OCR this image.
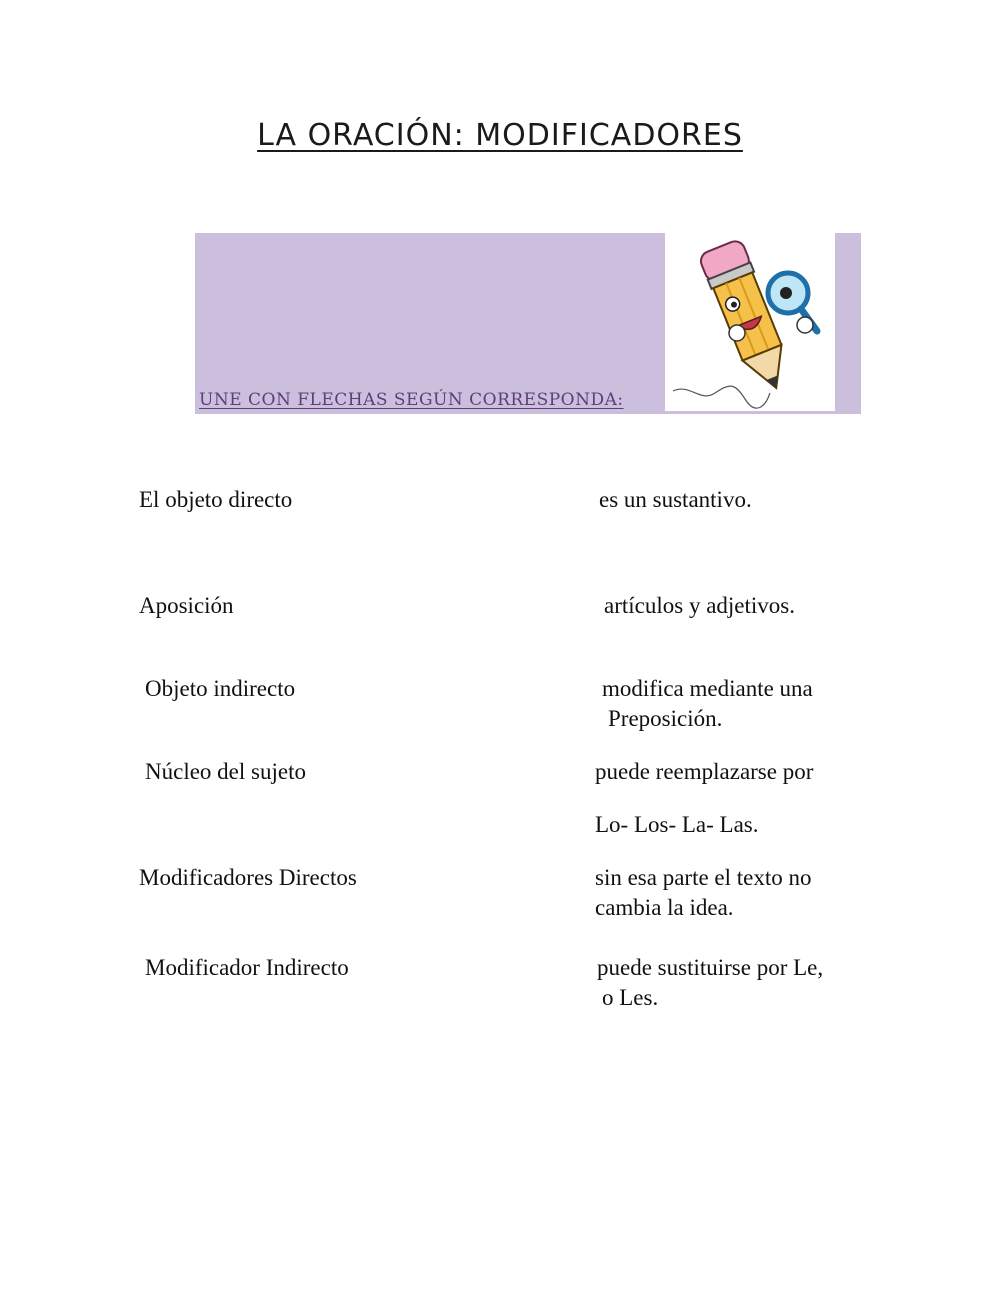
LA ORACIÓN: MODIFICADORES
UNE CON FLECHAS SEGÚN CORRESPONDA:
El objeto directo
Aposición
Objeto indirecto
Núcleo del sujeto
Modificadores Directos
Modificador Indirecto
es un sustantivo.
artículos y adjetivos.
modifica mediante una
Preposición.
puede reemplazarse por
Lo- Los- La- Las.
sin esa parte el texto no
cambia la idea.
puede sustituirse por Le,
o Les.
